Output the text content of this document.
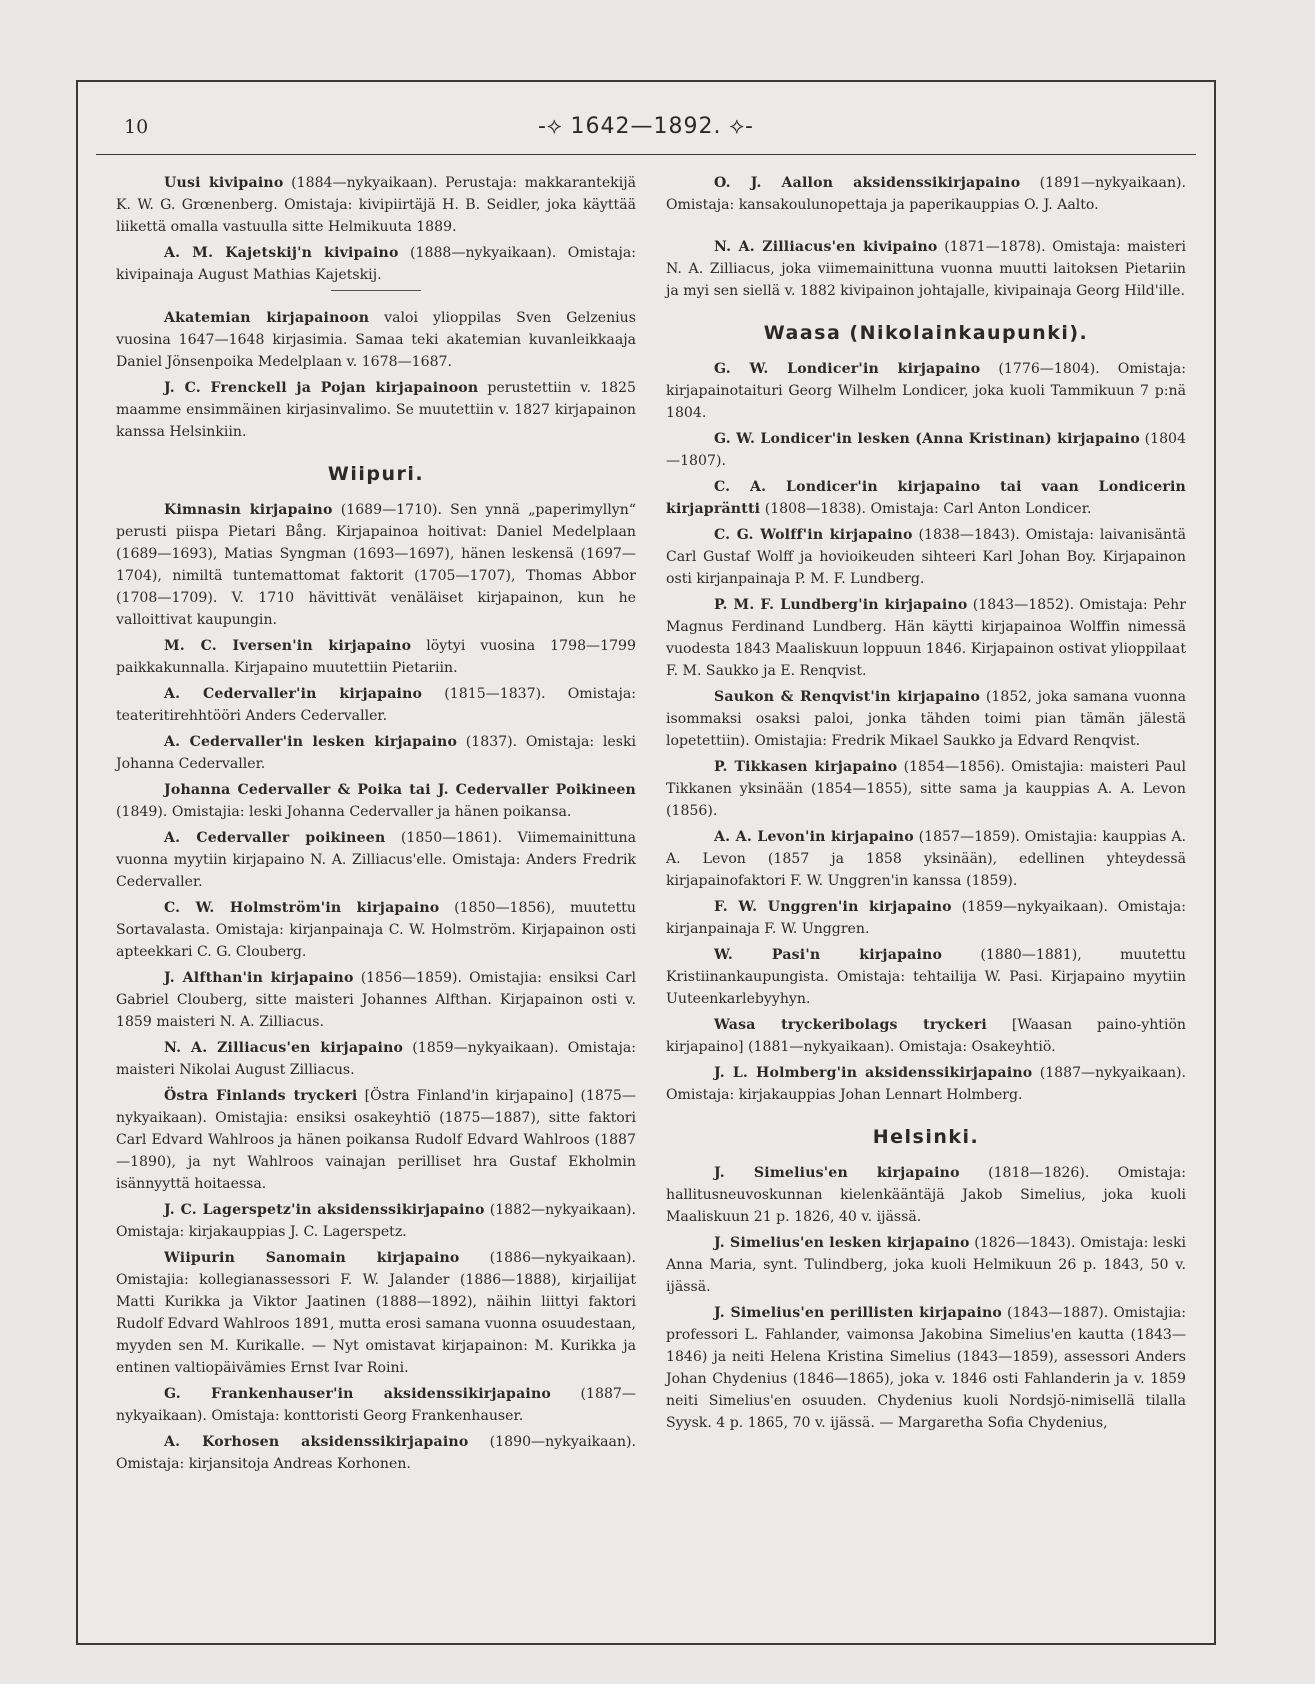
10	-⟡ 1642—1892. ⟡-

Uusi kivipaino (1884—nykyaikaan). Perustaja: makkarantekijä K. W. G. Grœnenberg. Omistaja: kivipiirtäjä H. B. Seidler, joka käyttää liikettä omalla vastuulla sitte Helmikuuta 1889.

A. M. Kajetskij'n kivipaino (1888—nykyaikaan). Omistaja: kivipainaja August Mathias Kajetskij.

Akatemian kirjapainoon valoi ylioppilas Sven Gelzenius vuosina 1647—1648 kirjasimia. Samaa teki akatemian kuvanleikkaaja Daniel Jönsenpoika Medelplaan v. 1678—1687.

J. C. Frenckell ja Pojan kirjapainoon perustettiin v. 1825 maamme ensimmäinen kirjasinvalimo. Se muutettiin v. 1827 kirjapainon kanssa Helsinkiin.

Wiipuri.

Kimnasin kirjapaino (1689—1710). Sen ynnä „paperimyllyn“ perusti piispa Pietari Bång. Kirjapainoa hoitivat: Daniel Medelplaan (1689—1693), Matias Syngman (1693—1697), hänen leskensä (1697—1704), nimiltä tuntemattomat faktorit (1705—1707), Thomas Abbor (1708—1709). V. 1710 hävittivät venäläiset kirjapainon, kun he valloittivat kaupungin.

M. C. Iversen'in kirjapaino löytyi vuosina 1798—1799 paikkakunnalla. Kirjapaino muutettiin Pietariin.

A. Cedervaller'in kirjapaino (1815—1837). Omistaja: teateritirehhtööri Anders Cedervaller.

A. Cedervaller'in lesken kirjapaino (1837). Omistaja: leski Johanna Cedervaller.

Johanna Cedervaller & Poika tai J. Cedervaller Poikineen (1849). Omistajia: leski Johanna Cedervaller ja hänen poikansa.

A. Cedervaller poikineen (1850—1861). Viimemainittuna vuonna myytiin kirjapaino N. A. Zilliacus'elle. Omistaja: Anders Fredrik Cedervaller.

C. W. Holmström'in kirjapaino (1850—1856), muutettu Sortavalasta. Omistaja: kirjanpainaja C. W. Holmström. Kirjapainon osti apteekkari C. G. Clouberg.

J. Alfthan'in kirjapaino (1856—1859). Omistajia: ensiksi Carl Gabriel Clouberg, sitte maisteri Johannes Alfthan. Kirjapainon osti v. 1859 maisteri N. A. Zilliacus.

N. A. Zilliacus'en kirjapaino (1859—nykyaikaan). Omistaja: maisteri Nikolai August Zilliacus.

Östra Finlands tryckeri [Östra Finland'in kirjapaino] (1875—nykyaikaan). Omistajia: ensiksi osakeyhtiö (1875—1887), sitte faktori Carl Edvard Wahlroos ja hänen poikansa Rudolf Edvard Wahlroos (1887—1890), ja nyt Wahlroos vainajan perilliset hra Gustaf Ekholmin isännyyttä hoitaessa.

J. C. Lagerspetz'in aksidenssikirjapaino (1882—nykyaikaan). Omistaja: kirjakauppias J. C. Lagerspetz.

Wiipurin Sanomain kirjapaino (1886—nykyaikaan). Omistajia: kollegianassessori F. W. Jalander (1886—1888), kirjailijat Matti Kurikka ja Viktor Jaatinen (1888—1892), näihin liittyi faktori Rudolf Edvard Wahlroos 1891, mutta erosi samana vuonna osuudestaan, myyden sen M. Kurikalle. — Nyt omistavat kirjapainon: M. Kurikka ja entinen valtiopäivämies Ernst Ivar Roini.

G. Frankenhauser'in aksidenssikirjapaino (1887—nykyaikaan). Omistaja: konttoristi Georg Frankenhauser.

A. Korhosen aksidenssikirjapaino (1890—nykyaikaan). Omistaja: kirjansitoja Andreas Korhonen.

O. J. Aallon aksidenssikirjapaino (1891—nykyaikaan). Omistaja: kansakoulunopettaja ja paperikauppias O. J. Aalto.

N. A. Zilliacus'en kivipaino (1871—1878). Omistaja: maisteri N. A. Zilliacus, joka viimemainittuna vuonna muutti laitoksen Pietariin ja myi sen siellä v. 1882 kivipainon johtajalle, kivipainaja Georg Hild'ille.

Waasa (Nikolainkaupunki).

G. W. Londicer'in kirjapaino (1776—1804). Omistaja: kirjapainotaituri Georg Wilhelm Londicer, joka kuoli Tammikuun 7 p:nä 1804.

G. W. Londicer'in lesken (Anna Kristinan) kirjapaino (1804—1807).

C. A. Londicer'in kirjapaino tai vaan Londicerin kirjapräntti (1808—1838). Omistaja: Carl Anton Londicer.

C. G. Wolff'in kirjapaino (1838—1843). Omistaja: laivanisäntä Carl Gustaf Wolff ja hovioikeuden sihteeri Karl Johan Boy. Kirjapainon osti kirjanpainaja P. M. F. Lundberg.

P. M. F. Lundberg'in kirjapaino (1843—1852). Omistaja: Pehr Magnus Ferdinand Lundberg. Hän käytti kirjapainoa Wolffin nimessä vuodesta 1843 Maaliskuun loppuun 1846. Kirjapainon ostivat ylioppilaat F. M. Saukko ja E. Renqvist.

Saukon & Renqvist'in kirjapaino (1852, joka samana vuonna isommaksi osaksi paloi, jonka tähden toimi pian tämän jälestä lopetettiin). Omistajia: Fredrik Mikael Saukko ja Edvard Renqvist.

P. Tikkasen kirjapaino (1854—1856). Omistajia: maisteri Paul Tikkanen yksinään (1854—1855), sitte sama ja kauppias A. A. Levon (1856).

A. A. Levon'in kirjapaino (1857—1859). Omistajia: kauppias A. A. Levon (1857 ja 1858 yksinään), edellinen yhteydessä kirjapainofaktori F. W. Unggren'in kanssa (1859).

F. W. Unggren'in kirjapaino (1859—nykyaikaan). Omistaja: kirjanpainaja F. W. Unggren.

W. Pasi'n kirjapaino (1880—1881), muutettu Kristiinankaupungista. Omistaja: tehtailija W. Pasi. Kirjapaino myytiin Uuteenkarlebyyhyn.

Wasa tryckeribolags tryckeri [Waasan paino-yhtiön kirjapaino] (1881—nykyaikaan). Omistaja: Osakeyhtiö.

J. L. Holmberg'in aksidenssikirjapaino (1887—nykyaikaan). Omistaja: kirjakauppias Johan Lennart Holmberg.

Helsinki.

J. Simelius'en kirjapaino (1818—1826). Omistaja: hallitusneuvoskunnan kielenkääntäjä Jakob Simelius, joka kuoli Maaliskuun 21 p. 1826, 40 v. ijässä.

J. Simelius'en lesken kirjapaino (1826—1843). Omistaja: leski Anna Maria, synt. Tulindberg, joka kuoli Helmikuun 26 p. 1843, 50 v. ijässä.

J. Simelius'en perillisten kirjapaino (1843—1887). Omistajia: professori L. Fahlander, vaimonsa Jakobina Simelius'en kautta (1843—1846) ja neiti Helena Kristina Simelius (1843—1859), assessori Anders Johan Chydenius (1846—1865), joka v. 1846 osti Fahlanderin ja v. 1859 neiti Simelius'en osuuden. Chydenius kuoli Nordsjö-nimisellä tilalla Syysk. 4 p. 1865, 70 v. ijässä. — Margaretha Sofia Chydenius,
